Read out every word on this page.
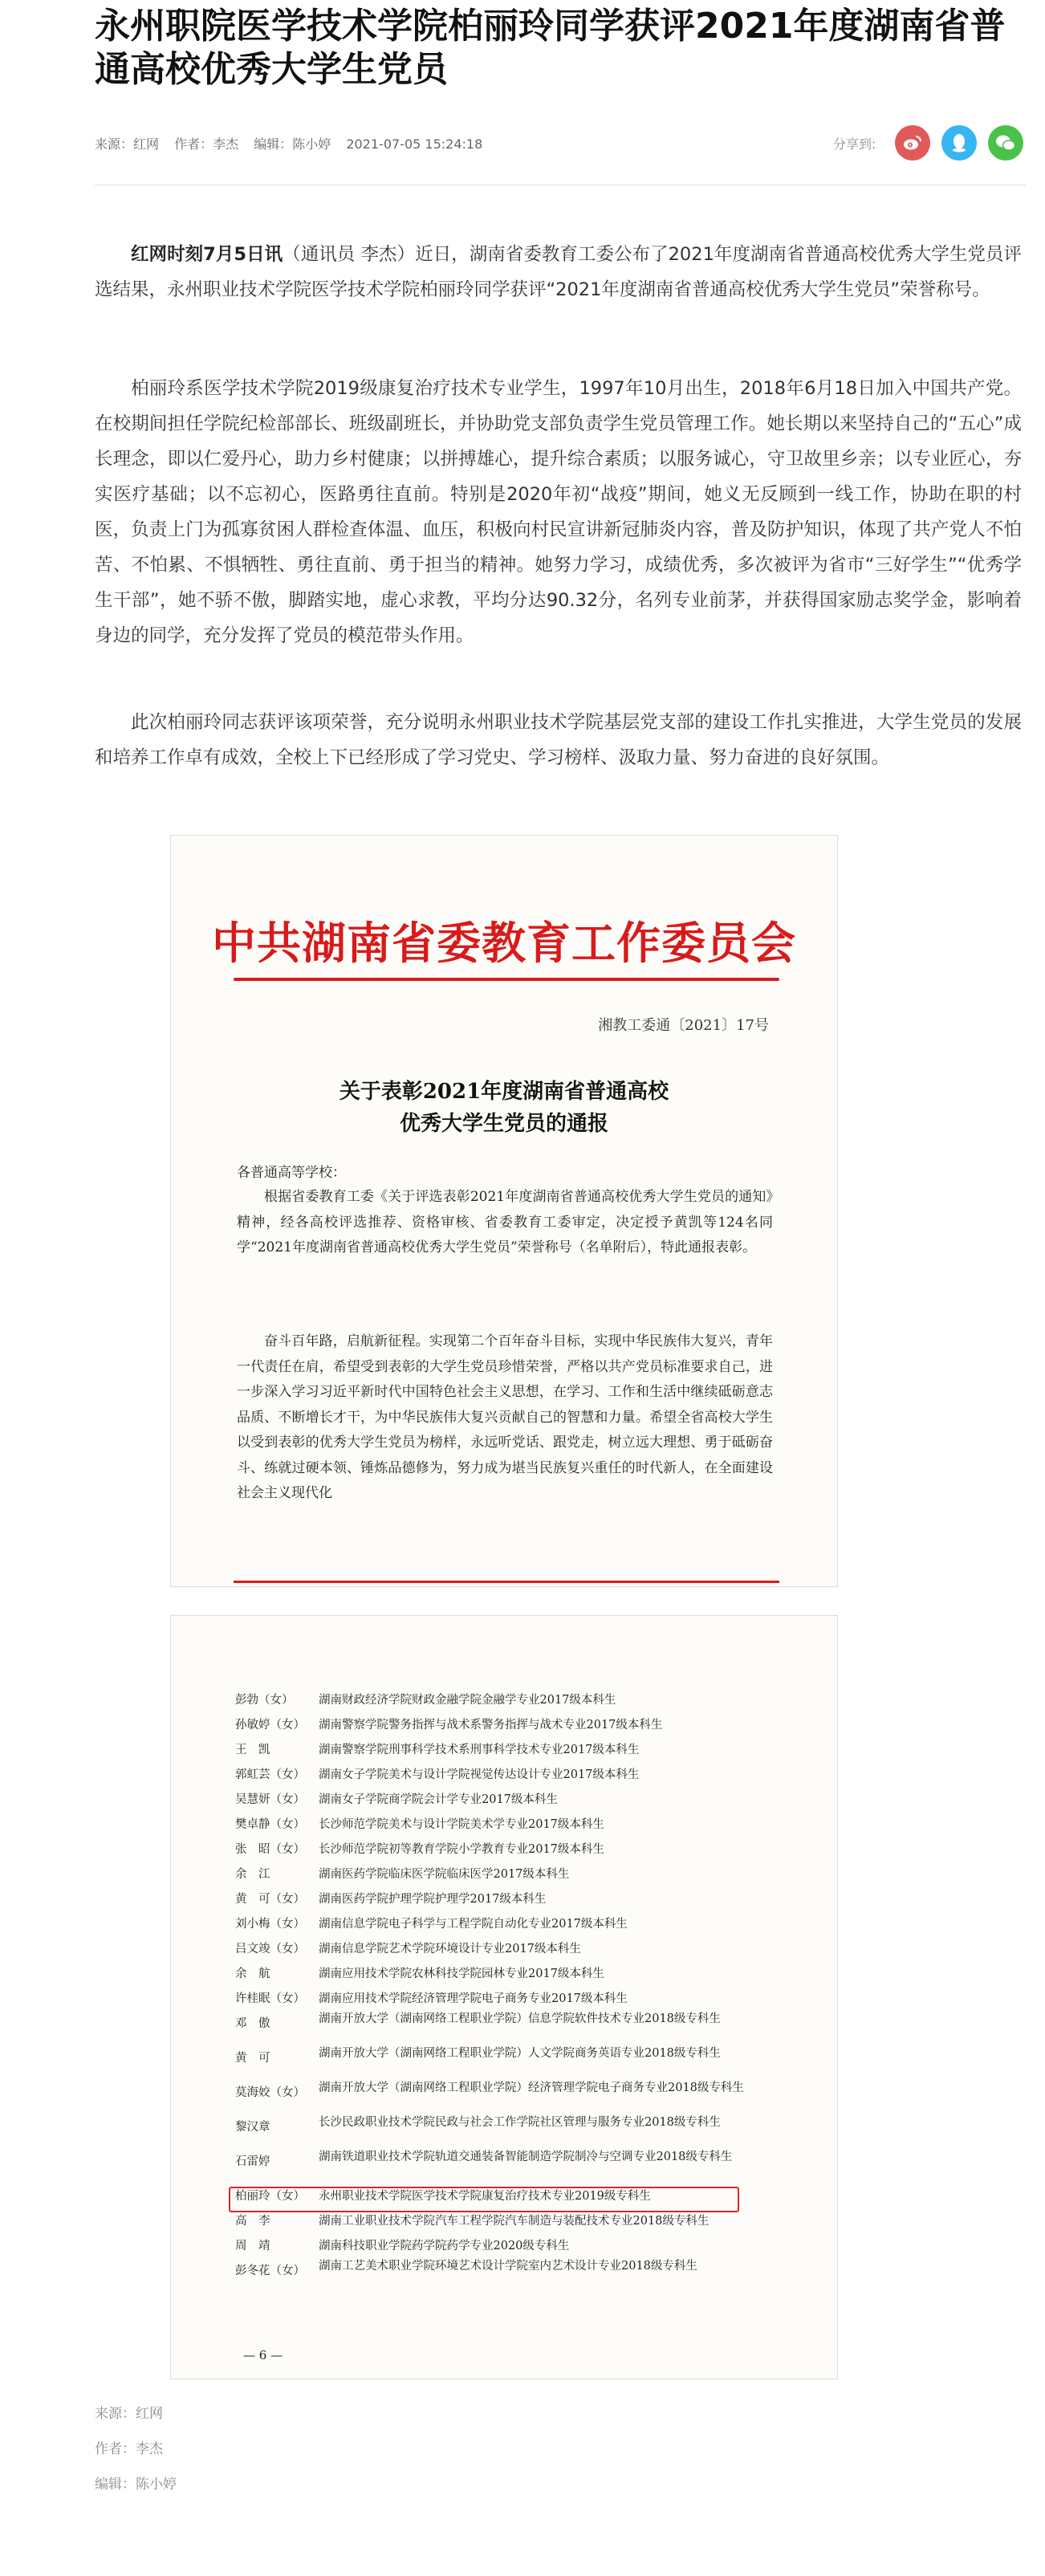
永州职院医学技术学院柏丽玲同学获评2021年度湖南省普通高校优秀大学生党员
来源：红网 作者：李杰 编辑：陈小婷 2021-07-05 15:24:18	分享到:

红网时刻7月5日讯（通讯员 李杰）近日，湖南省委教育工委公布了2021年度湖南省普通高校优秀大学生党员评选结果，永州职业技术学院医学技术学院柏丽玲同学获评“2021年度湖南省普通高校优秀大学生党员”荣誉称号。

柏丽玲系医学技术学院2019级康复治疗技术专业学生，1997年10月出生，2018年6月18日加入中国共产党。在校期间担任学院纪检部部长、班级副班长，并协助党支部负责学生党员管理工作。她长期以来坚持自己的“五心”成长理念，即以仁爱丹心，助力乡村健康；以拼搏雄心，提升综合素质；以服务诚心，守卫故里乡亲；以专业匠心，夯实医疗基础；以不忘初心，医路勇往直前。特别是2020年初“战疫”期间，她义无反顾到一线工作，协助在职的村医，负责上门为孤寡贫困人群检查体温、血压，积极向村民宣讲新冠肺炎内容，普及防护知识，体现了共产党人不怕苦、不怕累、不惧牺牲、勇往直前、勇于担当的精神。她努力学习，成绩优秀，多次被评为省市“三好学生”“优秀学生干部”，她不骄不傲，脚踏实地，虚心求教，平均分达90.32分，名列专业前茅，并获得国家励志奖学金，影响着身边的同学，充分发挥了党员的模范带头作用。

此次柏丽玲同志获评该项荣誉，充分说明永州职业技术学院基层党支部的建设工作扎实推进，大学生党员的发展和培养工作卓有成效，全校上下已经形成了学习党史、学习榜样、汲取力量、努力奋进的良好氛围。

中共湖南省委教育工作委员会
湘教工委通〔2021〕17号
关于表彰2021年度湖南省普通高校
优秀大学生党员的通报
各普通高等学校：

根据省委教育工委《关于评选表彰2021年度湖南省普通高校优秀大学生党员的通知》精神，经各高校评选推荐、资格审核、省委教育工委审定，决定授予黄凯等124名同学“2021年度湖南省普通高校优秀大学生党员”荣誉称号（名单附后），特此通报表彰。

奋斗百年路，启航新征程。实现第二个百年奋斗目标，实现中华民族伟大复兴，青年一代责任在肩，希望受到表彰的大学生党员珍惜荣誉，严格以共产党员标准要求自己，进一步深入学习习近平新时代中国特色社会主义思想，在学习、工作和生活中继续砥砺意志品质、不断增长才干，为中华民族伟大复兴贡献自己的智慧和力量。希望全省高校大学生以受到表彰的优秀大学生党员为榜样，永远听党话、跟党走，树立远大理想、勇于砥砺奋斗、练就过硬本领、锤炼品德修为，努力成为堪当民族复兴重任的时代新人，在全面建设社会主义现代化

彭勃（女）	湖南财政经济学院财政金融学院金融学专业2017级本科生
孙敏婷（女）	湖南警察学院警务指挥与战术系警务指挥与战术专业2017级本科生
王　凯	湖南警察学院刑事科学技术系刑事科学技术专业2017级本科生
郭虹芸（女）	湖南女子学院美术与设计学院视觉传达设计专业2017级本科生
吴慧妍（女）	湖南女子学院商学院会计学专业2017级本科生
樊卓静（女）	长沙师范学院美术与设计学院美术学专业2017级本科生
张　昭（女）	长沙师范学院初等教育学院小学教育专业2017级本科生
余　江	湖南医药学院临床医学院临床医学2017级本科生
黄　可（女）	湖南医药学院护理学院护理学2017级本科生
刘小梅（女）	湖南信息学院电子科学与工程学院自动化专业2017级本科生
吕文竣（女）	湖南信息学院艺术学院环境设计专业2017级本科生
余　航	湖南应用技术学院农林科技学院园林专业2017级本科生
许桂眠（女）	湖南应用技术学院经济管理学院电子商务专业2017级本科生
邓　傲	湖南开放大学（湖南网络工程职业学院）信息学院软件技术专业2018级专科生
黄　可	湖南开放大学（湖南网络工程职业学院）人文学院商务英语专业2018级专科生
莫海姣（女）	湖南开放大学（湖南网络工程职业学院）经济管理学院电子商务专业2018级专科生
黎汉章	长沙民政职业技术学院民政与社会工作学院社区管理与服务专业2018级专科生
石雷婷	湖南铁道职业技术学院轨道交通装备智能制造学院制冷与空调专业2018级专科生
柏丽玲（女）	永州职业技术学院医学技术学院康复治疗技术专业2019级专科生
高　李	湖南工业职业技术学院汽车工程学院汽车制造与装配技术专业2018级专科生
周　靖	湖南科技职业学院药学院药学专业2020级专科生
彭冬花（女）	湖南工艺美术职业学院环境艺术设计学院室内艺术设计专业2018级专科生
— 6 —
来源：红网
作者：李杰
编辑：陈小婷
